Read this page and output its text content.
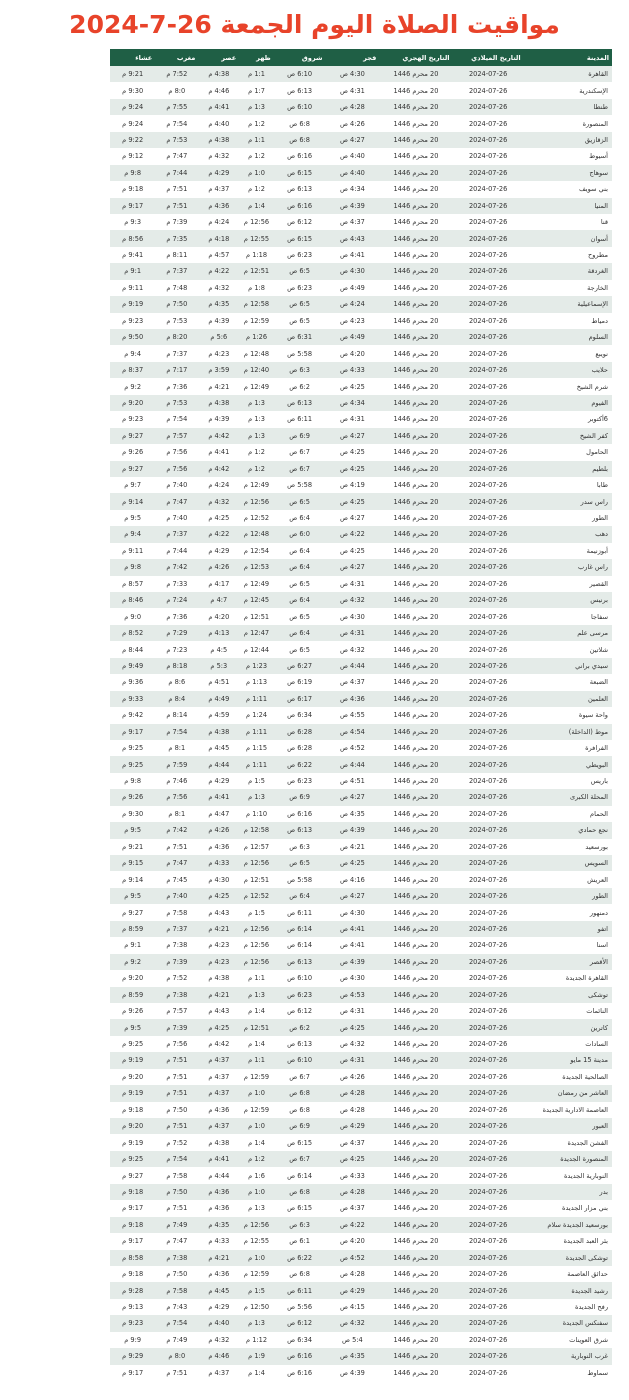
مواقيت الصلاة اليوم الجمعة 26-7-2024
المدينة	التاريخ الميلادي	التاريخ الهجري	فجر	شروق	ظهر	عصر	مغرب	عشاء
القاهرة	2024-07-26	20 محرم 1446	4:30 ص	6:10 ص	1:1 م	4:38 م	7:52 م	9:21 م
الإسكندرية	2024-07-26	20 محرم 1446	4:31 ص	6:13 ص	1:7 م	4:46 م	8:0 م	9:30 م
طنطا	2024-07-26	20 محرم 1446	4:28 ص	6:10 ص	1:3 م	4:41 م	7:55 م	9:24 م
المنصورة	2024-07-26	20 محرم 1446	4:26 ص	6:8 ص	1:2 م	4:40 م	7:54 م	9:24 م
الزقازيق	2024-07-26	20 محرم 1446	4:27 ص	6:8 ص	1:1 م	4:38 م	7:53 م	9:22 م
أسيوط	2024-07-26	20 محرم 1446	4:40 ص	6:16 ص	1:2 م	4:32 م	7:47 م	9:12 م
سوهاج	2024-07-26	20 محرم 1446	4:40 ص	6:15 ص	1:0 م	4:29 م	7:44 م	9:8 م
بني سويف	2024-07-26	20 محرم 1446	4:34 ص	6:13 ص	1:2 م	4:37 م	7:51 م	9:18 م
المنيا	2024-07-26	20 محرم 1446	4:39 ص	6:16 ص	1:4 م	4:36 م	7:51 م	9:17 م
قنا	2024-07-26	20 محرم 1446	4:37 ص	6:12 ص	12:56 م	4:24 م	7:39 م	9:3 م
أسوان	2024-07-26	20 محرم 1446	4:43 ص	6:15 ص	12:55 م	4:18 م	7:35 م	8:56 م
مطروح	2024-07-26	20 محرم 1446	4:41 ص	6:23 ص	1:18 م	4:57 م	8:11 م	9:41 م
الغردقة	2024-07-26	20 محرم 1446	4:30 ص	6:5 ص	12:51 م	4:22 م	7:37 م	9:1 م
الخارجة	2024-07-26	20 محرم 1446	4:49 ص	6:23 ص	1:8 م	4:32 م	7:48 م	9:11 م
الإسماعيلية	2024-07-26	20 محرم 1446	4:24 ص	6:5 ص	12:58 م	4:35 م	7:50 م	9:19 م
دمياط	2024-07-26	20 محرم 1446	4:23 ص	6:5 ص	12:59 م	4:39 م	7:53 م	9:23 م
السلوم	2024-07-26	20 محرم 1446	4:49 ص	6:31 ص	1:26 م	5:6 م	8:20 م	9:50 م
نويبع	2024-07-26	20 محرم 1446	4:20 ص	5:58 ص	12:48 م	4:23 م	7:37 م	9:4 م
حلايب	2024-07-26	20 محرم 1446	4:33 ص	6:3 ص	12:40 م	3:59 م	7:17 م	8:37 م
شرم الشيخ	2024-07-26	20 محرم 1446	4:25 ص	6:2 ص	12:49 م	4:21 م	7:36 م	9:2 م
الفيوم	2024-07-26	20 محرم 1446	4:34 ص	6:13 ص	1:3 م	4:38 م	7:53 م	9:20 م
6أكتوبر	2024-07-26	20 محرم 1446	4:31 ص	6:11 ص	1:3 م	4:39 م	7:54 م	9:23 م
كفر الشيخ	2024-07-26	20 محرم 1446	4:27 ص	6:9 ص	1:3 م	4:42 م	7:57 م	9:27 م
الحامول	2024-07-26	20 محرم 1446	4:25 ص	6:7 ص	1:2 م	4:41 م	7:56 م	9:26 م
بلطيم	2024-07-26	20 محرم 1446	4:25 ص	6:7 ص	1:2 م	4:42 م	7:56 م	9:27 م
طابا	2024-07-26	20 محرم 1446	4:19 ص	5:58 ص	12:49 م	4:24 م	7:40 م	9:7 م
راس سدر	2024-07-26	20 محرم 1446	4:25 ص	6:5 ص	12:56 م	4:32 م	7:47 م	9:14 م
الطور	2024-07-26	20 محرم 1446	4:27 ص	6:4 ص	12:52 م	4:25 م	7:40 م	9:5 م
دهب	2024-07-26	20 محرم 1446	4:22 ص	6:0 ص	12:48 م	4:22 م	7:37 م	9:4 م
أبوزنيمة	2024-07-26	20 محرم 1446	4:25 ص	6:4 ص	12:54 م	4:29 م	7:44 م	9:11 م
راس غارب	2024-07-26	20 محرم 1446	4:27 ص	6:4 ص	12:53 م	4:26 م	7:42 م	9:8 م
القصير	2024-07-26	20 محرم 1446	4:31 ص	6:5 ص	12:49 م	4:17 م	7:33 م	8:57 م
برنيس	2024-07-26	20 محرم 1446	4:32 ص	6:4 ص	12:45 م	4:7 م	7:24 م	8:46 م
سفاجا	2024-07-26	20 محرم 1446	4:30 ص	6:5 ص	12:51 م	4:20 م	7:36 م	9:0 م
مرسى علم	2024-07-26	20 محرم 1446	4:31 ص	6:4 ص	12:47 م	4:13 م	7:29 م	8:52 م
شلاتين	2024-07-26	20 محرم 1446	4:32 ص	6:5 ص	12:44 م	4:5 م	7:23 م	8:44 م
سيدي براني	2024-07-26	20 محرم 1446	4:44 ص	6:27 ص	1:23 م	5:3 م	8:18 م	9:49 م
الضبعة	2024-07-26	20 محرم 1446	4:37 ص	6:19 ص	1:13 م	4:51 م	8:6 م	9:36 م
العلمين	2024-07-26	20 محرم 1446	4:36 ص	6:17 ص	1:11 م	4:49 م	8:4 م	9:33 م
واحة سيوة	2024-07-26	20 محرم 1446	4:55 ص	6:34 ص	1:24 م	4:59 م	8:14 م	9:42 م
موط (الداخلة)	2024-07-26	20 محرم 1446	4:54 ص	6:28 ص	1:11 م	4:38 م	7:54 م	9:17 م
الفرافرة	2024-07-26	20 محرم 1446	4:52 ص	6:28 ص	1:15 م	4:45 م	8:1 م	9:25 م
البويطي	2024-07-26	20 محرم 1446	4:44 ص	6:22 ص	1:11 م	4:44 م	7:59 م	9:25 م
باريس	2024-07-26	20 محرم 1446	4:51 ص	6:23 ص	1:5 م	4:29 م	7:46 م	9:8 م
المحلة الكبرى	2024-07-26	20 محرم 1446	4:27 ص	6:9 ص	1:3 م	4:41 م	7:56 م	9:26 م
الحمام	2024-07-26	20 محرم 1446	4:35 ص	6:16 ص	1:10 م	4:47 م	8:1 م	9:30 م
نجع حمادي	2024-07-26	20 محرم 1446	4:39 ص	6:13 ص	12:58 م	4:26 م	7:42 م	9:5 م
بورسعيد	2024-07-26	20 محرم 1446	4:21 ص	6:3 ص	12:57 م	4:36 م	7:51 م	9:21 م
السويس	2024-07-26	20 محرم 1446	4:25 ص	6:5 ص	12:56 م	4:33 م	7:47 م	9:15 م
العريش	2024-07-26	20 محرم 1446	4:16 ص	5:58 ص	12:51 م	4:30 م	7:45 م	9:14 م
الطور	2024-07-26	20 محرم 1446	4:27 ص	6:4 ص	12:52 م	4:25 م	7:40 م	9:5 م
دمنهور	2024-07-26	20 محرم 1446	4:30 ص	6:11 ص	1:5 م	4:43 م	7:58 م	9:27 م
اتفو	2024-07-26	20 محرم 1446	4:41 ص	6:14 ص	12:56 م	4:21 م	7:37 م	8:59 م
اسنا	2024-07-26	20 محرم 1446	4:41 ص	6:14 ص	12:56 م	4:23 م	7:38 م	9:1 م
الأقصر	2024-07-26	20 محرم 1446	4:39 ص	6:13 ص	12:56 م	4:23 م	7:39 م	9:2 م
القاهرة الجديدة	2024-07-26	20 محرم 1446	4:30 ص	6:10 ص	1:1 م	4:38 م	7:52 م	9:20 م
توشكى	2024-07-26	20 محرم 1446	4:53 ص	6:23 ص	1:3 م	4:21 م	7:38 م	8:59 م
النائمات	2024-07-26	20 محرم 1446	4:31 ص	6:12 ص	1:4 م	4:43 م	7:57 م	9:26 م
كاترين	2024-07-26	20 محرم 1446	4:25 ص	6:2 ص	12:51 م	4:25 م	7:39 م	9:5 م
السادات	2024-07-26	20 محرم 1446	4:32 ص	6:13 ص	1:4 م	4:42 م	7:56 م	9:25 م
مدينة 15 مايو	2024-07-26	20 محرم 1446	4:31 ص	6:10 ص	1:1 م	4:37 م	7:51 م	9:19 م
الصالحية الجديدة	2024-07-26	20 محرم 1446	4:26 ص	6:7 ص	12:59 م	4:37 م	7:51 م	9:20 م
العاشر من رمضان	2024-07-26	20 محرم 1446	4:28 ص	6:8 ص	1:0 م	4:37 م	7:51 م	9:19 م
العاصمة الادارية الجديدة	2024-07-26	20 محرم 1446	4:28 ص	6:8 ص	12:59 م	4:36 م	7:50 م	9:18 م
العبور	2024-07-26	20 محرم 1446	4:29 ص	6:9 ص	1:0 م	4:37 م	7:51 م	9:20 م
الفشن الجديدة	2024-07-26	20 محرم 1446	4:37 ص	6:15 ص	1:4 م	4:38 م	7:52 م	9:19 م
المنصورة الجديدة	2024-07-26	20 محرم 1446	4:25 ص	6:7 ص	1:2 م	4:41 م	7:54 م	9:25 م
النوبارية الجديدة	2024-07-26	20 محرم 1446	4:33 ص	6:14 ص	1:6 م	4:44 م	7:58 م	9:27 م
بدر	2024-07-26	20 محرم 1446	4:28 ص	6:8 ص	1:0 م	4:36 م	7:50 م	9:18 م
بني مزار الجديدة	2024-07-26	20 محرم 1446	4:37 ص	6:15 ص	1:3 م	4:36 م	7:51 م	9:17 م
بورسعيد الجديدة سلام	2024-07-26	20 محرم 1446	4:22 ص	6:3 ص	12:56 م	4:35 م	7:49 م	9:18 م
بئر العبد الجديدة	2024-07-26	20 محرم 1446	4:20 ص	6:1 ص	12:55 م	4:33 م	7:47 م	9:17 م
توشكى الجديدة	2024-07-26	20 محرم 1446	4:52 ص	6:22 ص	1:0 م	4:21 م	7:38 م	8:58 م
حدائق العاصمة	2024-07-26	20 محرم 1446	4:28 ص	6:8 ص	12:59 م	4:36 م	7:50 م	9:18 م
رشيد الجديدة	2024-07-26	20 محرم 1446	4:29 ص	6:11 ص	1:5 م	4:45 م	7:58 م	9:28 م
رفح الجديدة	2024-07-26	20 محرم 1446	4:15 ص	5:56 ص	12:50 م	4:29 م	7:43 م	9:13 م
سفنكس الجديدة	2024-07-26	20 محرم 1446	4:32 ص	6:12 ص	1:3 م	4:40 م	7:54 م	9:23 م
شرق العوينات	2024-07-26	20 محرم 1446	5:4 ص	6:34 ص	1:12 م	4:32 م	7:49 م	9:9 م
غرب النوبارية	2024-07-26	20 محرم 1446	4:35 ص	6:16 ص	1:9 م	4:46 م	8:0 م	9:29 م
سماوط	2024-07-26	20 محرم 1446	4:39 ص	6:16 ص	1:4 م	4:37 م	7:51 م	9:17 م
